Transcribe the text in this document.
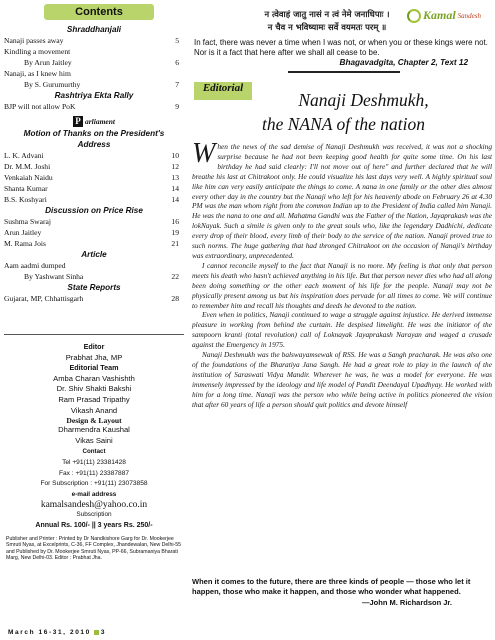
Contents
Shraddhanjali
Nanaji passes away	5
Kindling a movement
By Arun Jaitley	6
Nanaji, as I knew him
By S. Gurumurthy	7
Rashtriya Ekta Rally
BJP will not allow PoK	9
P arliament
Motion of Thanks on the President's Address
L. K. Advani	10
Dr. M.M. Joshi	12
Venkaiah Naidu	13
Shanta Kumar	14
B.S. Koshyari	14
Discussion on Price Rise
Sushma Swaraj	16
Arun Jaitley	19
M. Rama Jois	21
Article
Aam aadmi dumped
By Yashwant Sinha	22
State Reports
Gujarat, MP, Chhattisgarh	28
Editor
Prabhat Jha, MP
Editorial Team
Amba Charan Vashishth
Dr. Shiv Shakti Bakshi
Ram Prasad Tripathy
Vikash Anand
Design & Layout
Dharmendra Kaushal
Vikas Saini
Contact
Tel +91(11) 23381428
Fax : +91(11) 23387887
For Subscription : +91(11) 23073858
e-mail address
kamalsandesh@yahoo.co.in
Subscription
Annual Rs. 100/- || 3 years Rs. 250/-
Publisher and Printer : Printed by Dr Nandkishore Garg for Dr. Mookerjee Smruti Nyas, at Excelprints, C-36, FF Complex, Jhandewalan, New Delhi-55 and Published by Dr. Mookerjee Smruti Nyas, PP-66, Subramaniya Bharati Marg, New Delhi-03. Editor : Prabhat Jha.
March 16-31, 2010 3
Kamal Sandesh
न त्वेवाहं जातु नासं न त्वं नेमे जनाधिपाः ।
न चैव न भविष्यामः सर्वे वयमतः परम् ॥
In fact, there was never a time when I was not, or when you or these kings were not. Nor is it a fact that here after we shall all cease to be.
Bhagavadgita, Chapter 2, Text 12
Editorial
Nanaji Deshmukh,
the NANA of the nation

When the news of the sad demise of Nanaji Deshmukh was received, it was not a shocking surprise because he had not been keeping good health for quite some time. On his last birthday he had said clearly: I'll not move out of here" and further declared that he will breathe his last at Chitrakoot only. He could visualize his last days very well. A highly spiritual soul like him can very easily anticipate the things to come. A nana in one family or the other dies almost every other day in the country but the Nanaji who left for his heavenly abode on February 26 at 4.30 PM was the man whom right from the common Indian up to the President of India called him Nanaji. He was the nana to one and all. Mahatma Gandhi was the Father of the Nation, Jayaprakash was the lokNayak. Such a simile is given only to the great souls who, like the legendary Dadhichi, dedicate every drop of their blood, every limb of their body to the service of the nation. Nanaji proved true to such norms. The huge gathering that had thronged Chitrakoot on the occasion of Nanaji's birthday was extraordinary, unprecedented.

I cannot reconcile myself to the fact that Nanaji is no more. My feeling is that only that person meets his death who hasn't achieved anything in his life. But that person never dies who had all along been doing something or the other each moment of his life for the people. Nanaji may not be physically present among us but his inspiration does pervade for all times to come. We will continue to remember him and recall his thoughts and deeds he devoted to the nation.

Even when in politics, Nanaji continued to wage a struggle against injustice. He derived immense pleasure in working from behind the curtain. He despised limelight. He was the initiator of the sampoorn kranti (total revolution) call of Loknayak Jayaprakash Narayan and waged a crusade against the Emergency in 1975.

Nanaji Deshmukh was the balswayamsewak of RSS. He was a Sangh pracharak. He was also one of the foundations of the Bharatiya Jana Sangh. He had a great role to play in the launch of the institution of Saraswati Vidya Mandir. Wherever he was, he was a model for everyone. He was immensely impressed by the ideology and life model of Pandit Deendayal Upadhyay. He worked with him for a long time. Nanaji was the person who while being active in politics pioneered the vision that after 60 years of life a person should quit politics and devote himself

When it comes to the future, there are three kinds of people — those who let it happen, those who make it happen, and those who wonder what happened.
—John M. Richardson Jr.
